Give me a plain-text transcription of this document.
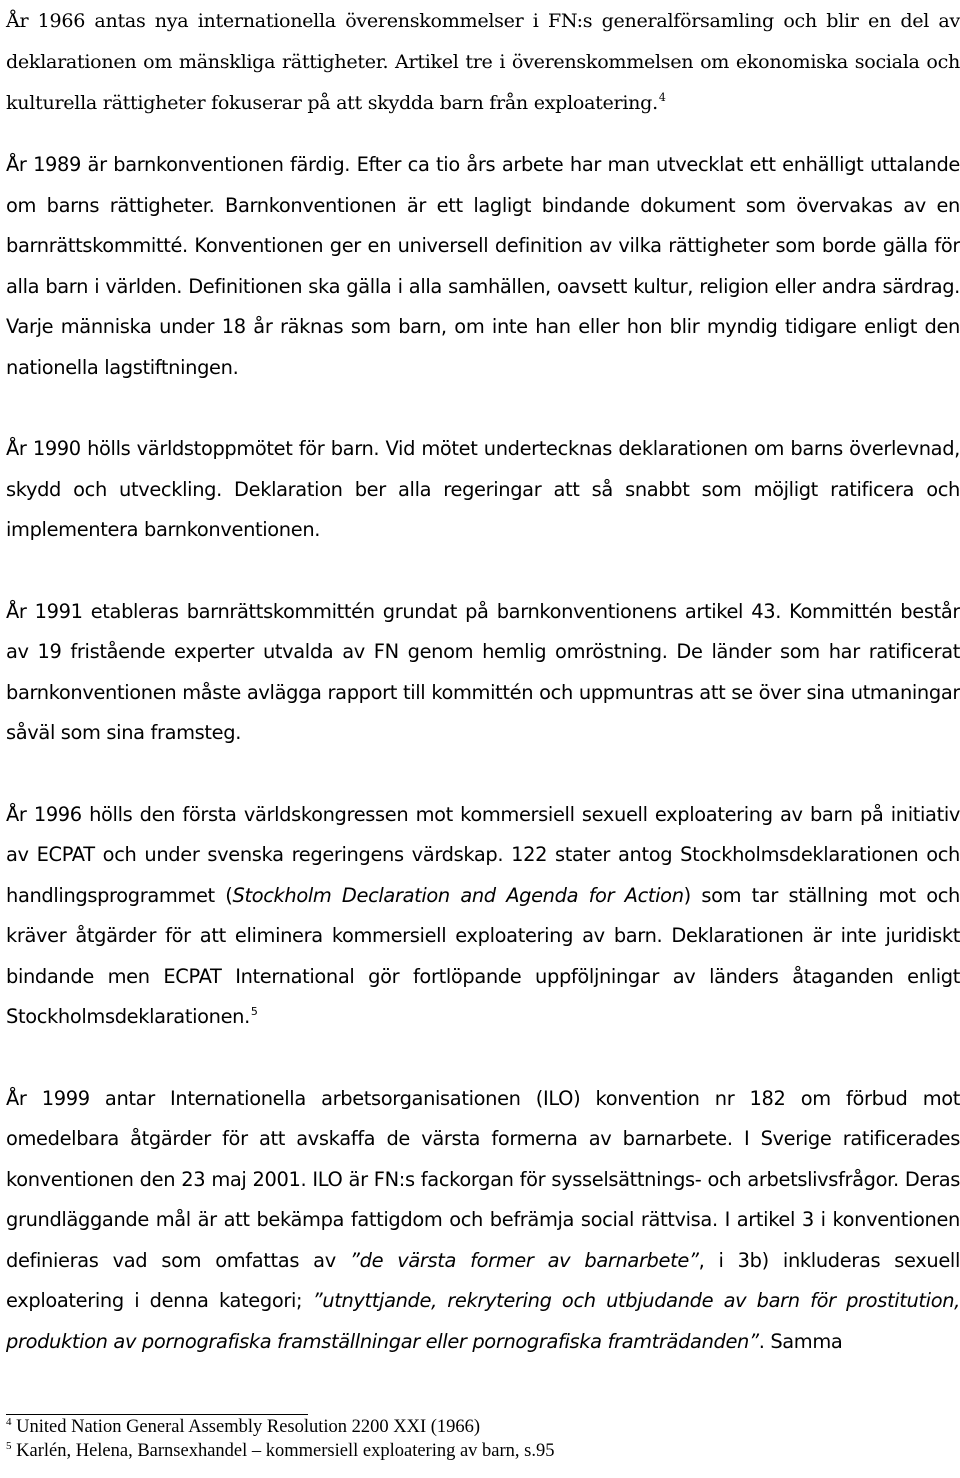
År 1966 antas nya internationella överenskommelser i FN:s generalförsamling och blir en del av deklarationen om mänskliga rättigheter. Artikel tre i överenskommelsen om ekonomiska sociala och kulturella rättigheter fokuserar på att skydda barn från exploatering.$^4$

År 1989 är barnkonventionen färdig. Efter ca tio års arbete har man utvecklat ett enhälligt uttalande om barns rättigheter. Barnkonventionen är ett lagligt bindande dokument som övervakas av en barnrättskommitté. Konventionen ger en universell definition av vilka rättigheter som borde gälla för alla barn i världen. Definitionen ska gälla i alla samhällen, oavsett kultur, religion eller andra särdrag. Varje människa under 18 år räknas som barn, om inte han eller hon blir myndig tidigare enligt den nationella lagstiftningen.

År 1990 hölls världstoppmötet för barn. Vid mötet undertecknas deklarationen om barns överlevnad, skydd och utveckling. Deklaration ber alla regeringar att så snabbt som möjligt ratificera och implementera barnkonventionen.

År 1991 etableras barnrättskommittén grundat på barnkonventionens artikel 43. Kommittén består av 19 fristående experter utvalda av FN genom hemlig omröstning. De länder som har ratificerat barnkonventionen måste avlägga rapport till kommittén och uppmuntras att se över sina utmaningar såväl som sina framsteg.

År 1996 hölls den första världskongressen mot kommersiell sexuell exploatering av barn på initiativ av ECPAT och under svenska regeringens värdskap. 122 stater antog Stockholmsdeklarationen och handlingsprogrammet (Stockholm Declaration and Agenda for Action) som tar ställning mot och kräver åtgärder för att eliminera kommersiell exploatering av barn. Deklarationen är inte juridiskt bindande men ECPAT International gör fortlöpande uppföljningar av länders åtaganden enligt Stockholmsdeklarationen.$^5$

År 1999 antar Internationella arbetsorganisationen (ILO) konvention nr 182 om förbud mot omedelbara åtgärder för att avskaffa de värsta formerna av barnarbete. I Sverige ratificerades konventionen den 23 maj 2001. ILO är FN:s fackorgan för sysselsättnings- och arbetslivsfrågor. Deras grundläggande mål är att bekämpa fattigdom och befrämja social rättvisa. I artikel 3 i konventionen definieras vad som omfattas av ”de värsta former av barnarbete”, i 3b) inkluderas sexuell exploatering i denna kategori; ”utnyttjande, rekrytering och utbjudande av barn för prostitution, produktion av pornografiska framställningar eller pornografiska framträdanden”. Samma

$^4$ United Nation General Assembly Resolution 2200 XXI (1966)

$^5$ Karlén, Helena, Barnsexhandel – kommersiell exploatering av barn, s.95
